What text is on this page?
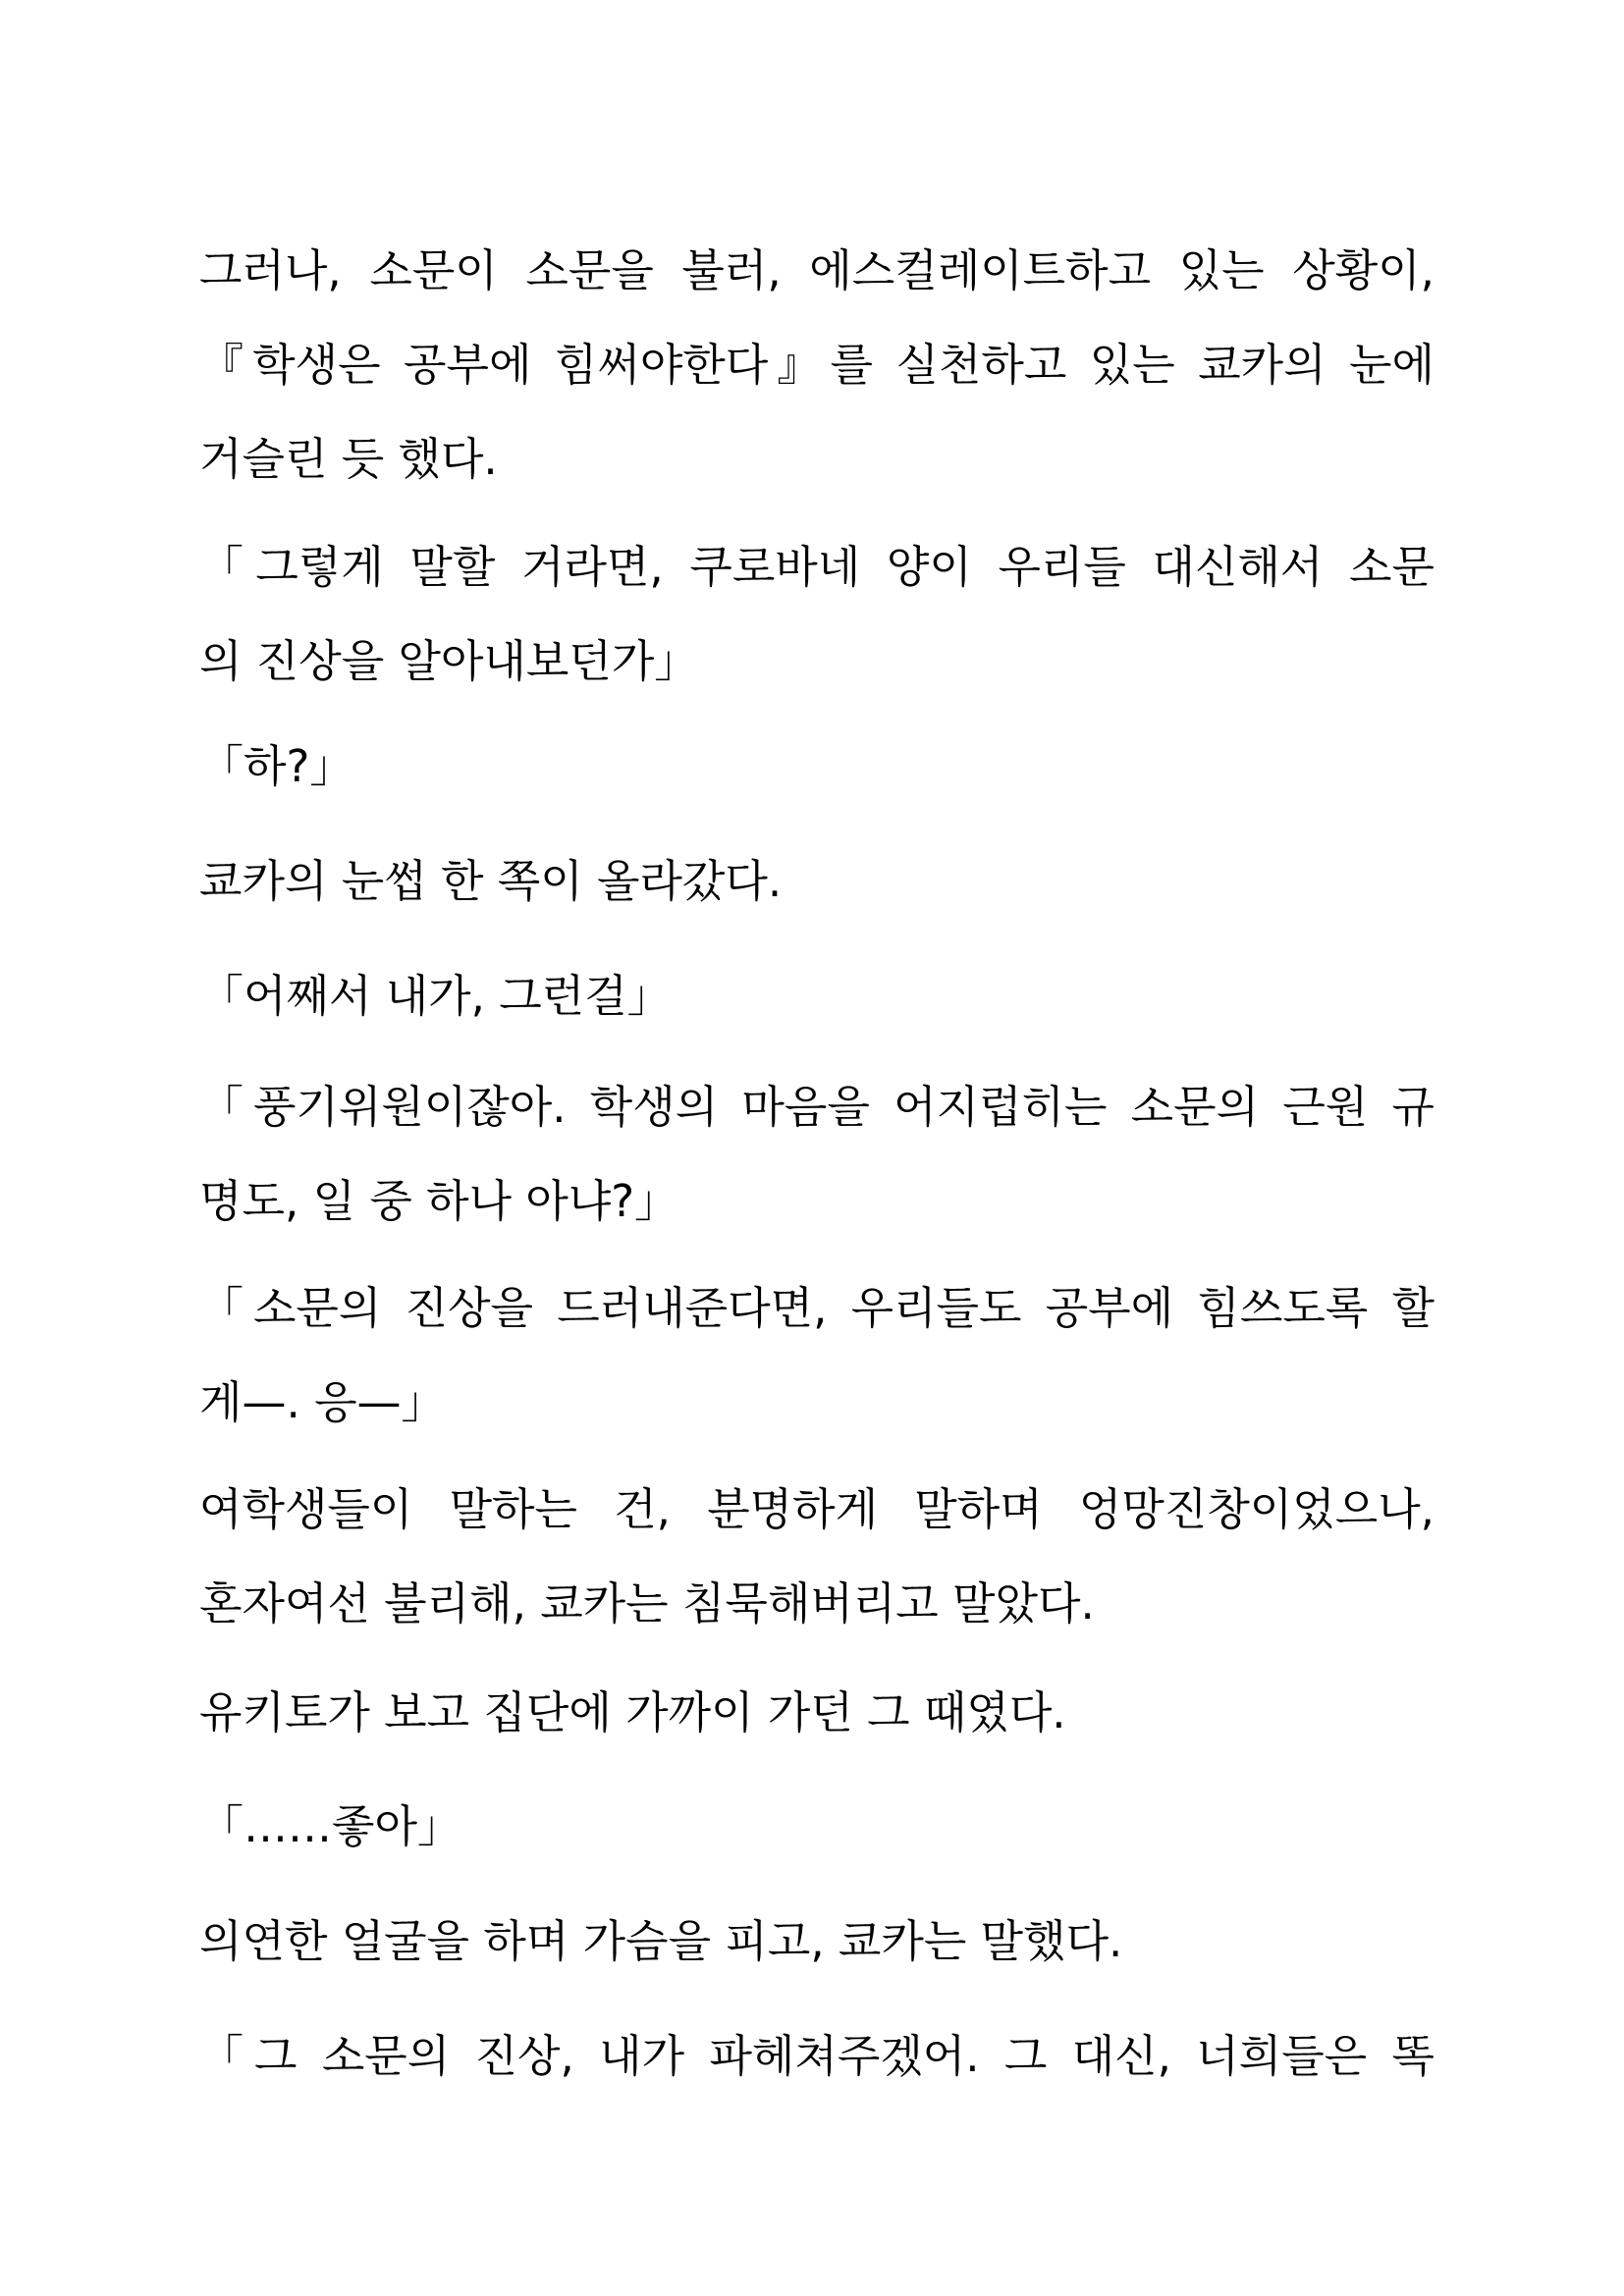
그러나, 소문이 소문을 불러, 에스컬레이트하고 있는 상황이,
『학생은 공부에 힘써야한다』를 실천하고 있는 쿄카의 눈에
거슬린 듯 했다.
「그렇게 말할 거라면, 쿠로바네 양이 우리들 대신해서 소문
의 진상을 알아내보던가」
「하?」
쿄카의 눈썹 한 쪽이 올라갔다.
「어째서 내가, 그런걸」
「풍기위원이잖아. 학생의 마음을 어지럽히는 소문의 근원 규
명도, 일 중 하나 아냐?」
「소문의 진상을 드러내준다면, 우리들도 공부에 힘쓰도록 할
게—. 응—」
여학생들이 말하는 건, 분명하게 말하며 엉망진창이었으나,
혼자여선 불리해, 쿄카는 침묵해버리고 말았다.
유키토가 보고 집단에 가까이 가던 그 때였다.
「……좋아」
의연한 얼굴을 하며 가슴을 피고, 쿄카는 말했다.
「그 소문의 진상, 내가 파헤쳐주겠어. 그 대신, 너희들은 똑
